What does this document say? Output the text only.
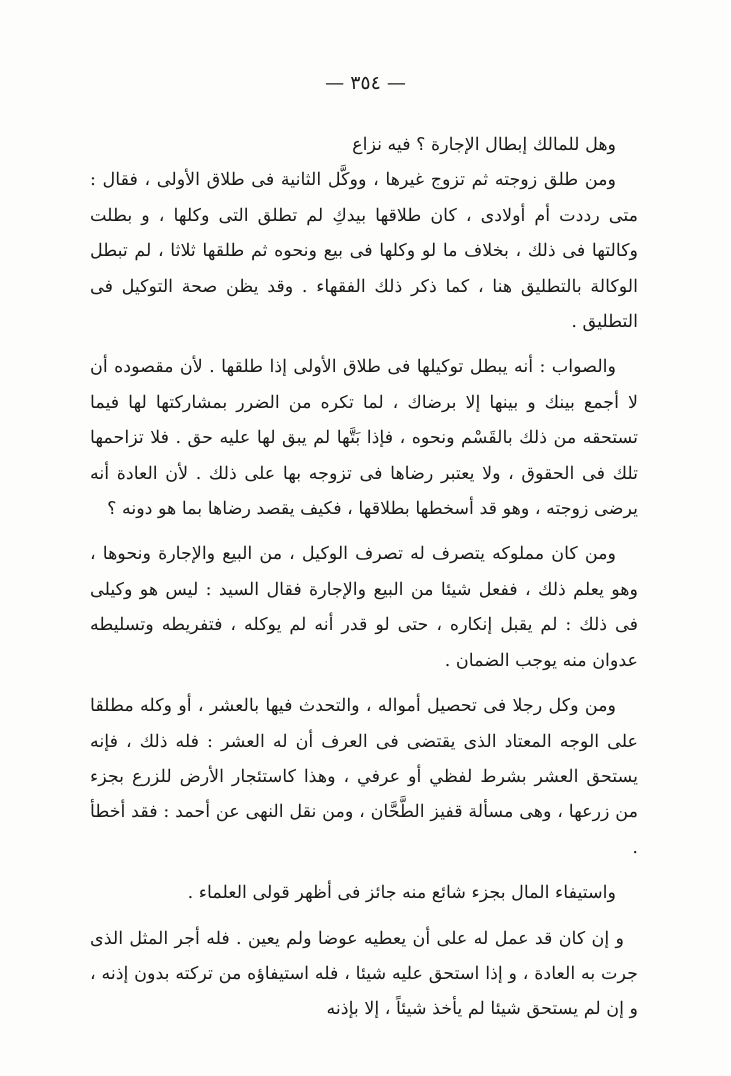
— ٣٥٤ —

وهل للمالك إبطال الإجارة ؟ فيه نزاع

ومن طلق زوجته ثم تزوج غيرها ، ووكَّل الثانية فى طلاق الأولى ، فقال : متى رددت أم أولادى ، كان طلاقها بيدكِ لم تطلق التى وكلها ، و بطلت وكالتها فى ذلك ، بخلاف ما لو وكلها فى بيع ونحوه ثم طلقها ثلاثا ، لم تبطل الوكالة بالتطليق هنا ، كما ذكر ذلك الفقهاء . وقد يظن صحة التوكيل فى التطليق .

والصواب : أنه يبطل توكيلها فى طلاق الأولى إذا طلقها . لأن مقصوده أن لا أجمع بينك و بينها إلا برضاك ، لما تكره من الضرر بمشاركتها لها فيما تستحقه من ذلك بالقَسْم ونحوه ، فإذا بَتَّها لم يبق لها عليه حق . فلا تزاحمها تلك فى الحقوق ، ولا يعتبر رضاها فى تزوجه بها على ذلك . لأن العادة أنه يرضى زوجته ، وهو قد أسخطها بطلاقها ، فكيف يقصد رضاها بما هو دونه ؟

ومن كان مملوكه يتصرف له تصرف الوكيل ، من البيع والإجارة ونحوها ، وهو يعلم ذلك ، ففعل شيئا من البيع والإجارة فقال السيد : ليس هو وكيلى فى ذلك : لم يقبل إنكاره ، حتى لو قدر أنه لم يوكله ، فتفريطه وتسليطه عدوان منه يوجب الضمان .

ومن وكل رجلا فى تحصيل أمواله ، والتحدث فيها بالعشر ، أو وكله مطلقا على الوجه المعتاد الذى يقتضى فى العرف أن له العشر : فله ذلك ، فإنه يستحق العشر بشرط لفظي أو عرفي ، وهذا كاستئجار الأرض للزرع بجزء من زرعها ، وهى مسألة قفيز الطَّحَّان ، ومن نقل النهى عن أحمد : فقد أخطأ .

واستيفاء المال بجزء شائع منه جائز فى أظهر قولى العلماء .

و إن كان قد عمل له على أن يعطيه عوضا ولم يعين . فله أجر المثل الذى جرت به العادة ، و إذا استحق عليه شيئا ، فله استيفاؤه من تركته بدون إذنه ، و إن لم يستحق شيئا لم يأخذ شيئاً ، إلا بإذنه
